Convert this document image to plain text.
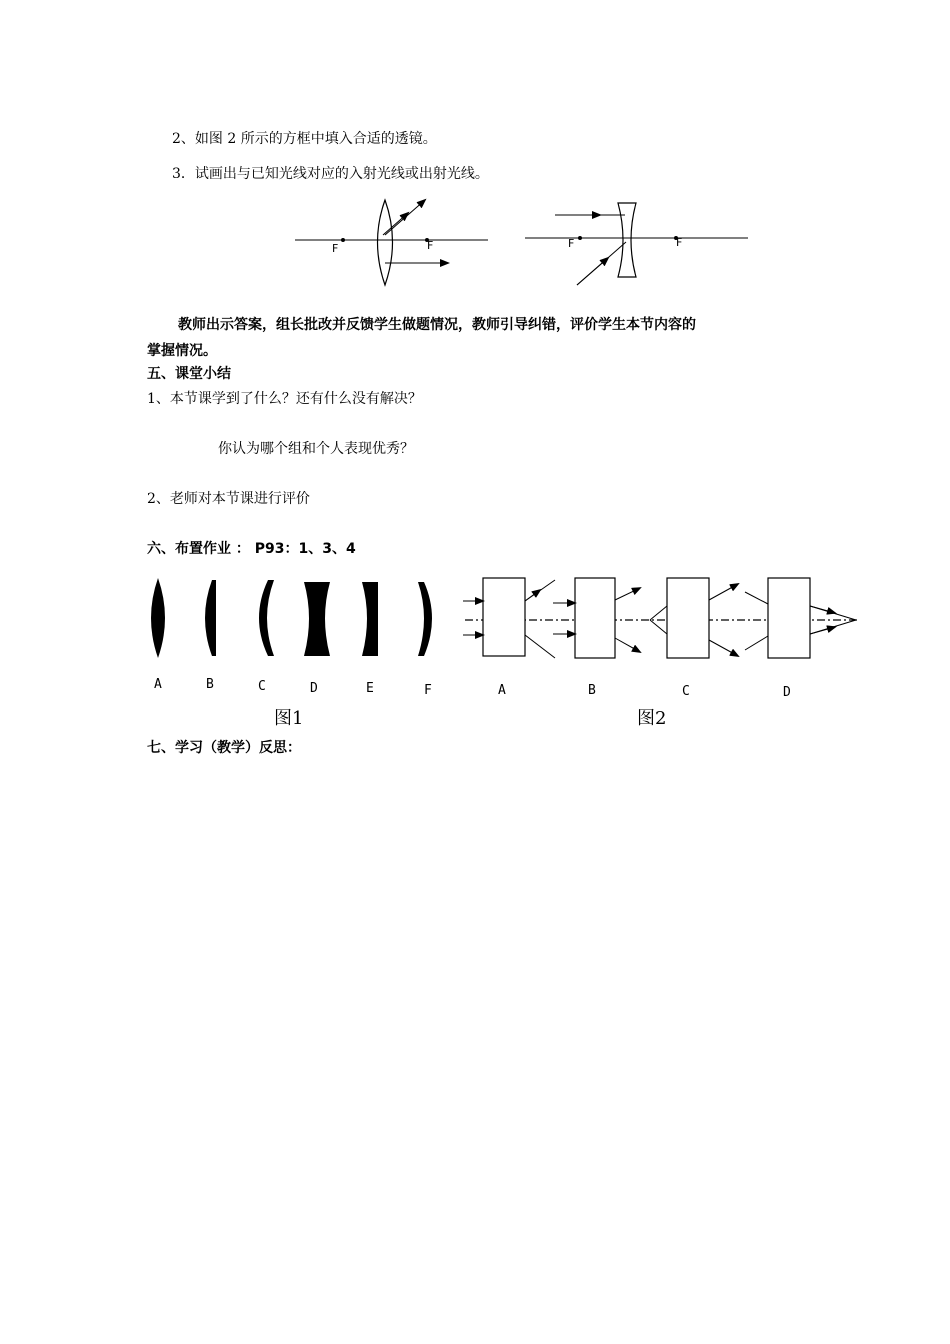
2、如图 2 所示的方框中填入合适的透镜。
3．试画出与已知光线对应的入射光线或出射光线。
F	F	F	F
教师出示答案，组长批改并反馈学生做题情况，教师引导纠错，评价学生本节内容的
掌握情况。
五、课堂小结
1、本节课学到了什么？还有什么没有解决？
你认为哪个组和个人表现优秀？
2、老师对本节课进行评价
六、布置作业 ： P93：1、3、4
A	B	C	D	E	F	A	B	C	D
图1	图2
七、学习（教学）反思：
